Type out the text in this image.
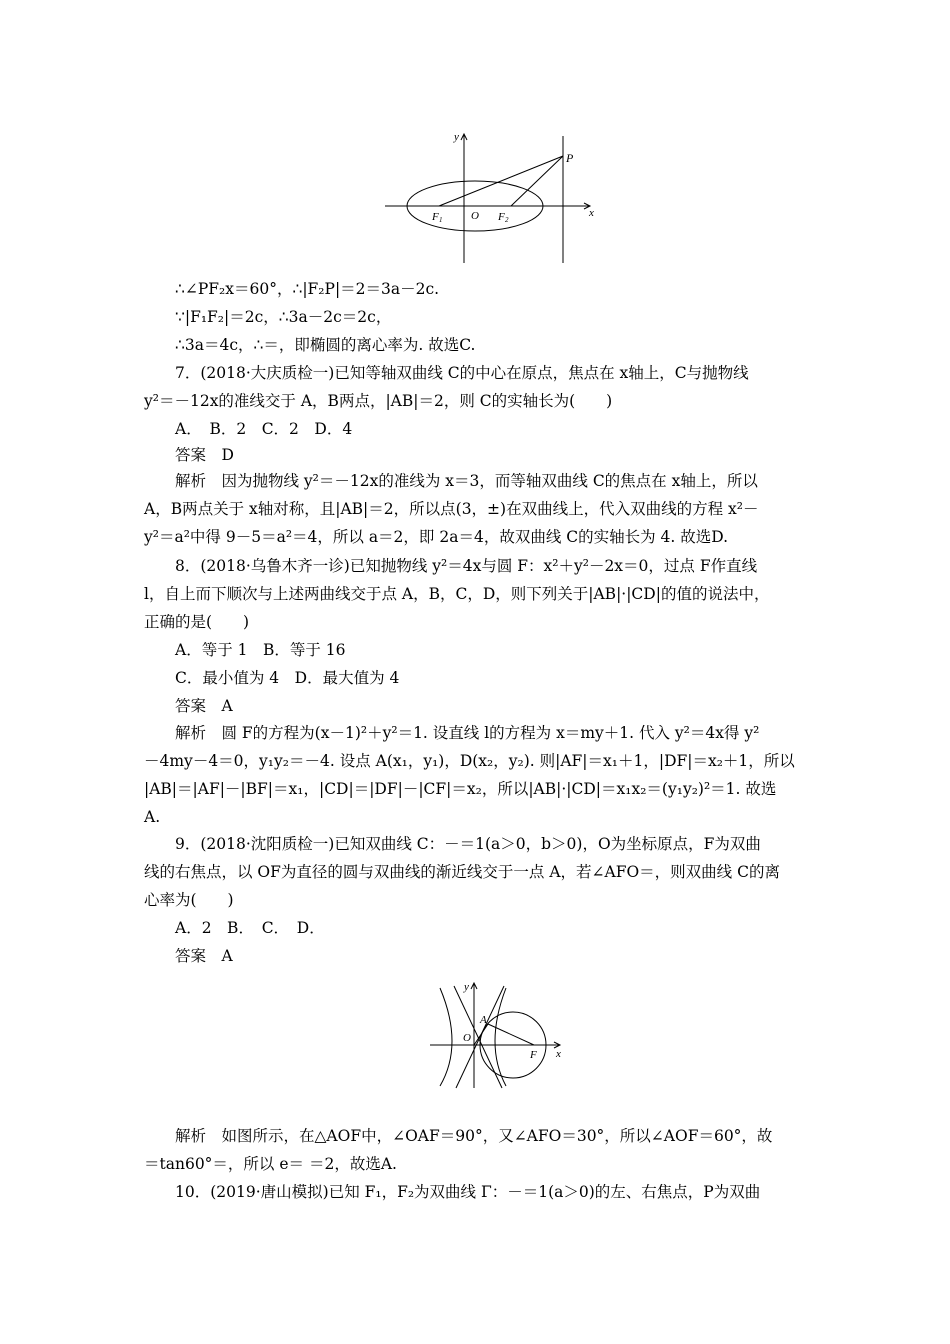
y
x
P
F 1	O F 2
∴∠PF₂x＝60°，∴|F₂P|＝2＝3a－2c.
∵|F₁F₂|＝2c，∴3a－2c＝2c，
∴3a＝4c，∴＝，即椭圆的离心率为. 故选C.
7．(2018·大庆质检一)已知等轴双曲线 C的中心在原点，焦点在 x轴上，C与抛物线
y²＝－12x的准线交于 A，B两点，|AB|＝2，则 C的实轴长为(　　)
A．　B．2　C．2　D．4
答案　D
解析　因为抛物线 y²＝－12x的准线为 x＝3，而等轴双曲线 C的焦点在 x轴上，所以
A，B两点关于 x轴对称，且|AB|＝2，所以点(3，±)在双曲线上，代入双曲线的方程 x²－
y²＝a²中得 9－5＝a²＝4，所以 a＝2，即 2a＝4，故双曲线 C的实轴长为 4. 故选D.
8．(2018·乌鲁木齐一诊)已知抛物线 y²＝4x与圆 F：x²＋y²－2x＝0，过点 F作直线
l，自上而下顺次与上述两曲线交于点 A，B，C，D，则下列关于|AB|·|CD|的值的说法中，
正确的是(　　)
A．等于 1　B．等于 16
C．最小值为 4　D．最大值为 4
答案　A
解析　圆 F的方程为(x－1)²＋y²＝1. 设直线 l的方程为 x＝my＋1. 代入 y²＝4x得 y²
－4my－4＝0，y₁y₂＝－4. 设点 A(x₁，y₁)，D(x₂，y₂). 则|AF|＝x₁＋1，|DF|＝x₂＋1，所以
|AB|＝|AF|－|BF|＝x₁，|CD|＝|DF|－|CF|＝x₂，所以|AB|·|CD|＝x₁x₂＝(y₁y₂)²＝1. 故选
A.
9．(2018·沈阳质检一)已知双曲线 C：－＝1(a＞0，b＞0)，O为坐标原点，F为双曲
线的右焦点，以 OF为直径的圆与双曲线的渐近线交于一点 A，若∠AFO＝，则双曲线 C的离
心率为(　　)
A．2　B．　C．　D．
答案　A
y
x
A
O
F
解析　如图所示，在△AOF中，∠OAF＝90°，又∠AFO＝30°，所以∠AOF＝60°，故
＝tan60°＝，所以 e＝ ＝2，故选A.
10．(2019·唐山模拟)已知 F₁，F₂为双曲线 Γ：－＝1(a＞0)的左、右焦点，P为双曲
